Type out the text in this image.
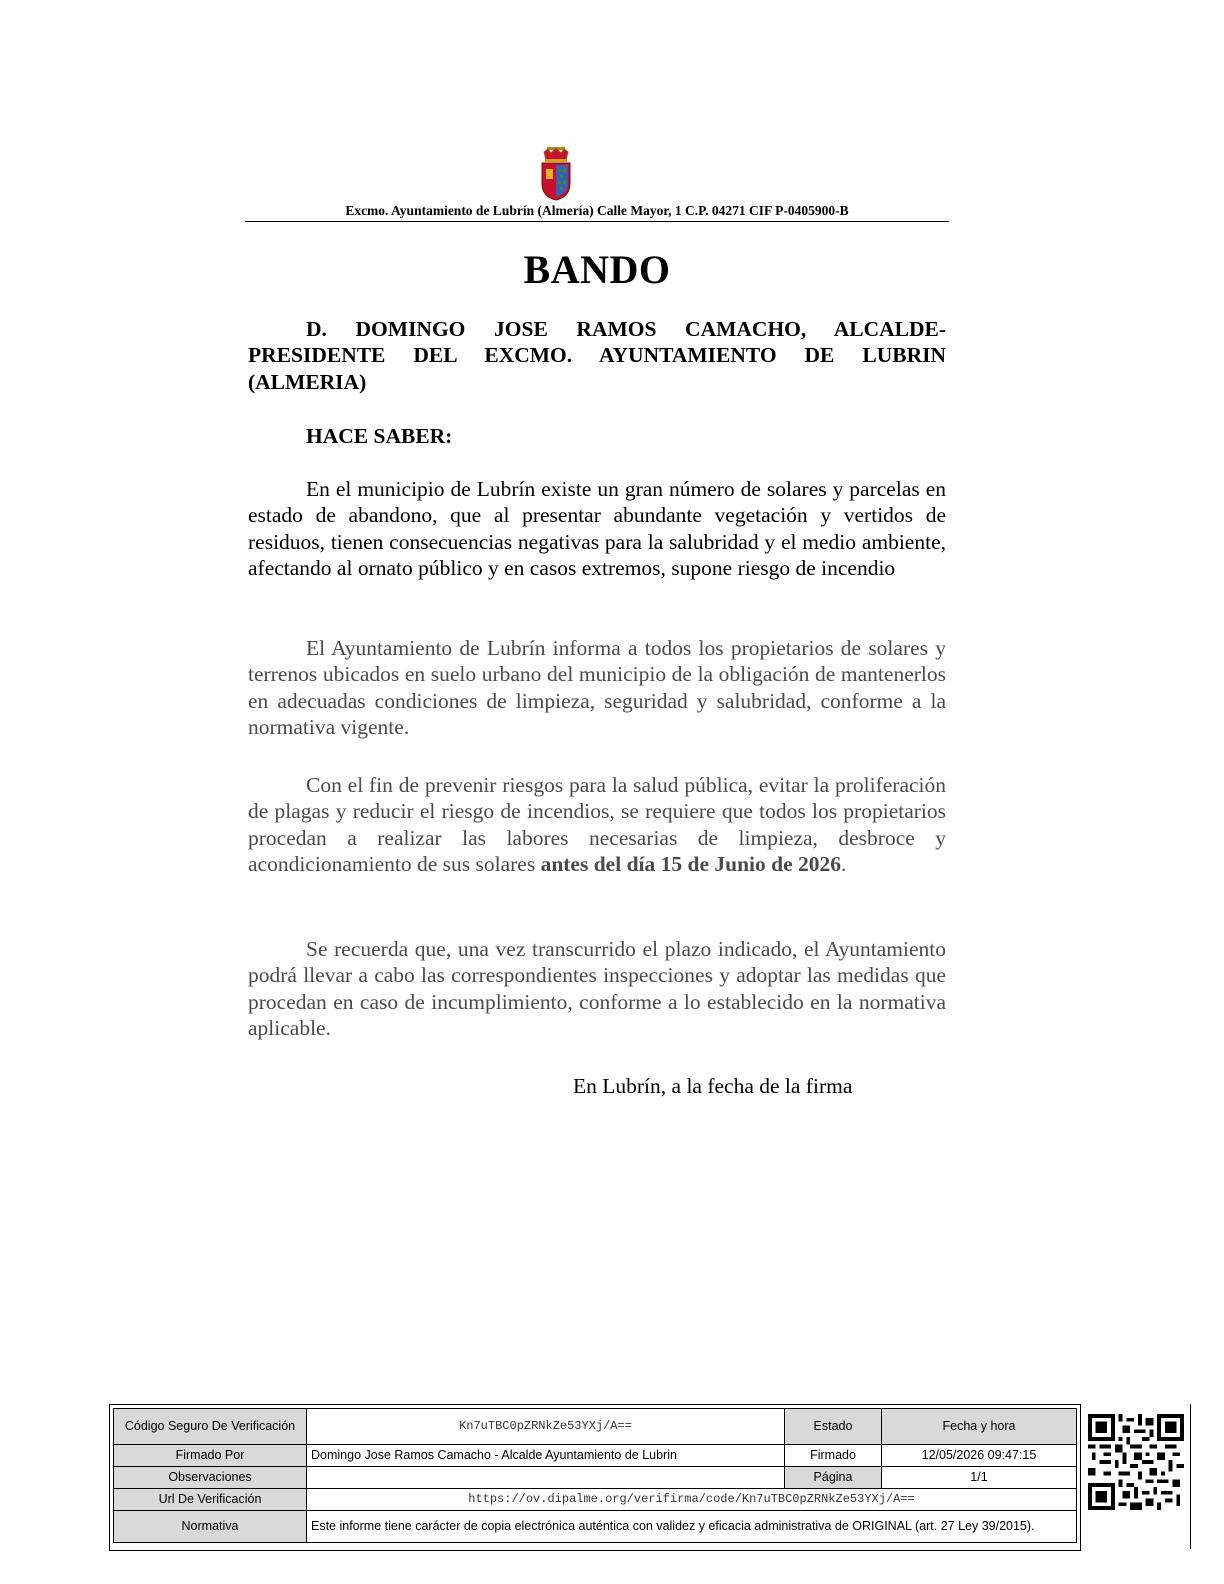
Excmo. Ayuntamiento de Lubrín (Almería) Calle Mayor, 1 C.P. 04271 CIF P-0405900-B
BANDO
D. DOMINGO JOSE RAMOS CAMACHO, ALCALDE-PRESIDENTE DEL EXCMO. AYUNTAMIENTO DE LUBRIN (ALMERIA)
HACE SABER:
En el municipio de Lubrín existe un gran número de solares y parcelas en estado de abandono, que al presentar abundante vegetación y vertidos de residuos, tienen consecuencias negativas para la salubridad y el medio ambiente, afectando al ornato público y en casos extremos, supone riesgo de incendio
El Ayuntamiento de Lubrín informa a todos los propietarios de solares y terrenos ubicados en suelo urbano del municipio de la obligación de mantenerlos en adecuadas condiciones de limpieza, seguridad y salubridad, conforme a la normativa vigente.
Con el fin de prevenir riesgos para la salud pública, evitar la proliferación de plagas y reducir el riesgo de incendios, se requiere que todos los propietarios procedan a realizar las labores necesarias de limpieza, desbroce y acondicionamiento de sus solares antes del día 15 de Junio de 2026.
Se recuerda que, una vez transcurrido el plazo indicado, el Ayuntamiento podrá llevar a cabo las correspondientes inspecciones y adoptar las medidas que procedan en caso de incumplimiento, conforme a lo establecido en la normativa aplicable.
En Lubrín, a la fecha de la firma
Código Seguro De Verificación	Kn7uTBC0pZRNkZe53YXj/A==	Estado	Fecha y hora
Firmado Por	Domingo Jose Ramos Camacho - Alcalde Ayuntamiento de Lubrin	Firmado	12/05/2026 09:47:15
Observaciones		Página	1/1
Url De Verificación	https://ov.dipalme.org/verifirma/code/Kn7uTBC0pZRNkZe53YXj/A==		
Normativa	Este informe tiene carácter de copia electrónica auténtica con validez y eficacia administrativa de ORIGINAL (art. 27 Ley 39/2015).		
